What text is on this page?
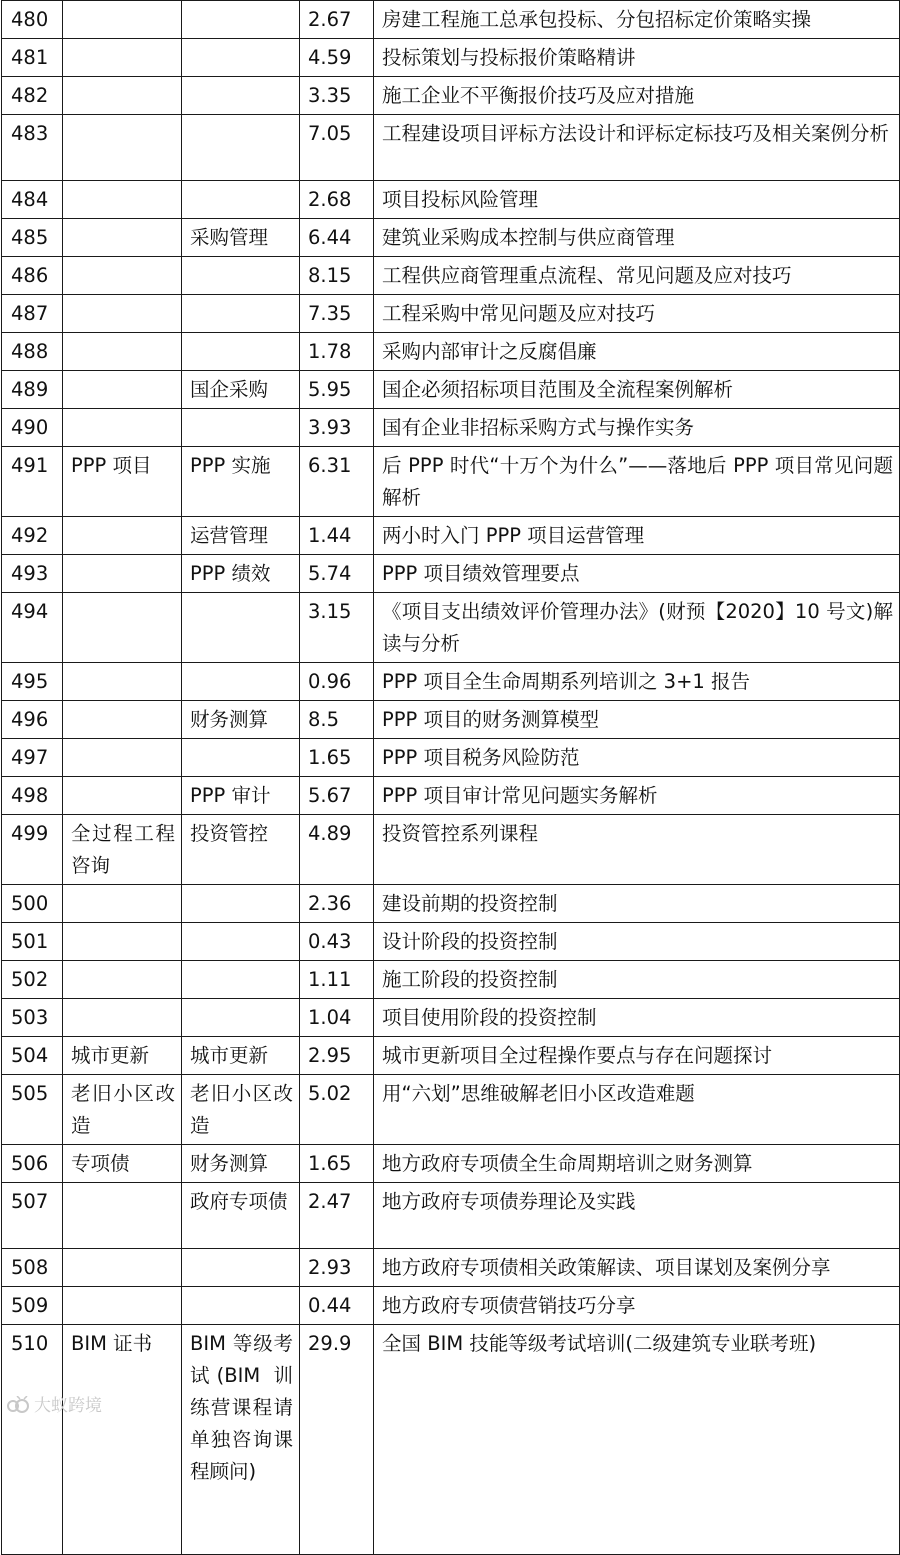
480			2.67	房建工程施工总承包投标、分包招标定价策略实操
481			4.59	投标策划与投标报价策略精讲
482			3.35	施工企业不平衡报价技巧及应对措施
483			7.05	工程建设项目评标方法设计和评标定标技巧及相关案例分析
484			2.68	项目投标风险管理
485		采购管理	6.44	建筑业采购成本控制与供应商管理
486			8.15	工程供应商管理重点流程、常见问题及应对技巧
487			7.35	工程采购中常见问题及应对技巧
488			1.78	采购内部审计之反腐倡廉
489		国企采购	5.95	国企必须招标项目范围及全流程案例解析
490			3.93	国有企业非招标采购方式与操作实务
491	PPP 项目	PPP 实施	6.31	后 PPP 时代“十万个为什么”——落地后 PPP 项目常见问题解析
492		运营管理	1.44	两小时入门 PPP 项目运营管理
493		PPP 绩效	5.74	PPP 项目绩效管理要点
494			3.15	《项目支出绩效评价管理办法》(财预【2020】10 号文)解读与分析
495			0.96	PPP 项目全生命周期系列培训之 3+1 报告
496		财务测算	8.5	PPP 项目的财务测算模型
497			1.65	PPP 项目税务风险防范
498		PPP 审计	5.67	PPP 项目审计常见问题实务解析
499	全过程工程咨询	投资管控	4.89	投资管控系列课程
500			2.36	建设前期的投资控制
501			0.43	设计阶段的投资控制
502			1.11	施工阶段的投资控制
503			1.04	项目使用阶段的投资控制
504	城市更新	城市更新	2.95	城市更新项目全过程操作要点与存在问题探讨
505	老旧小区改造	老旧小区改造	5.02	用“六划”思维破解老旧小区改造难题
506	专项债	财务测算	1.65	地方政府专项债全生命周期培训之财务测算
507		政府专项债	2.47	地方政府专项债券理论及实践
508			2.93	地方政府专项债相关政策解读、项目谋划及案例分享
509			0.44	地方政府专项债营销技巧分享
510	BIM 证书	BIM 等级考试(BIM 训练营课程请单独咨询课程顾问)	29.9	全国 BIM 技能等级考试培训(二级建筑专业联考班)
大蚁跨境
